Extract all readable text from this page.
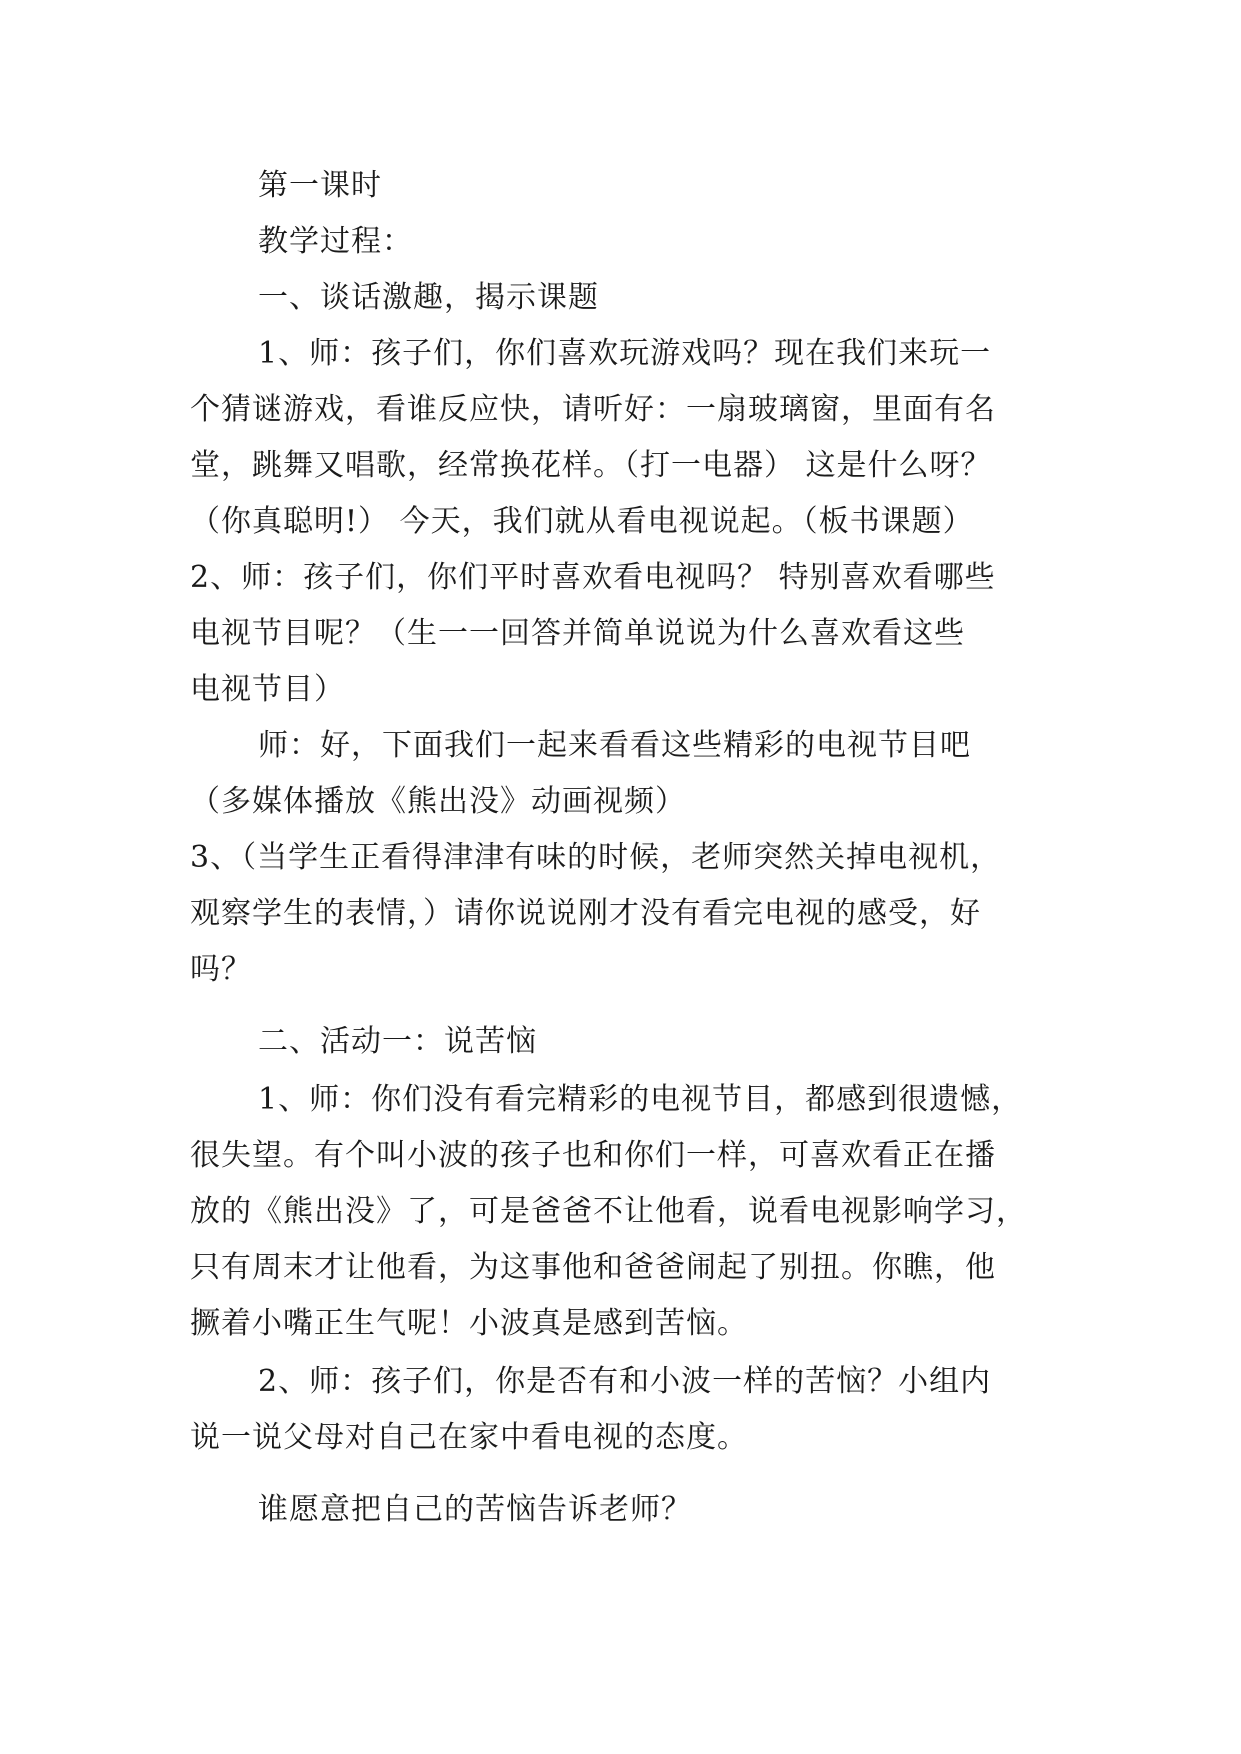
第一课时
教学过程：
一、谈话激趣，揭示课题
1、师：孩子们，你们喜欢玩游戏吗？现在我们来玩一
个猜谜游戏，看谁反应快，请听好：一扇玻璃窗，里面有名
堂，跳舞又唱歌，经常换花样。（打一电器） 这是什么呀？
（你真聪明!） 今天，我们就从看电视说起。（板书课题）
2、师：孩子们，你们平时喜欢看电视吗？ 特别喜欢看哪些
电视节目呢？（生一一回答并简单说说为什么喜欢看这些
电视节目）
师：好，下面我们一起来看看这些精彩的电视节目吧
（多媒体播放《熊出没》动画视频）
3、（当学生正看得津津有味的时候，老师突然关掉电视机，
观察学生的表情，）请你说说刚才没有看完电视的感受，好
吗？
二、活动一：说苦恼
1、师：你们没有看完精彩的电视节目，都感到很遗憾，
很失望。有个叫小波的孩子也和你们一样，可喜欢看正在播
放的《熊出没》了，可是爸爸不让他看，说看电视影响学习，
只有周末才让他看，为这事他和爸爸闹起了别扭。你瞧，他
撅着小嘴正生气呢！小波真是感到苦恼。
2、师：孩子们，你是否有和小波一样的苦恼？小组内
说一说父母对自己在家中看电视的态度。
谁愿意把自己的苦恼告诉老师？
